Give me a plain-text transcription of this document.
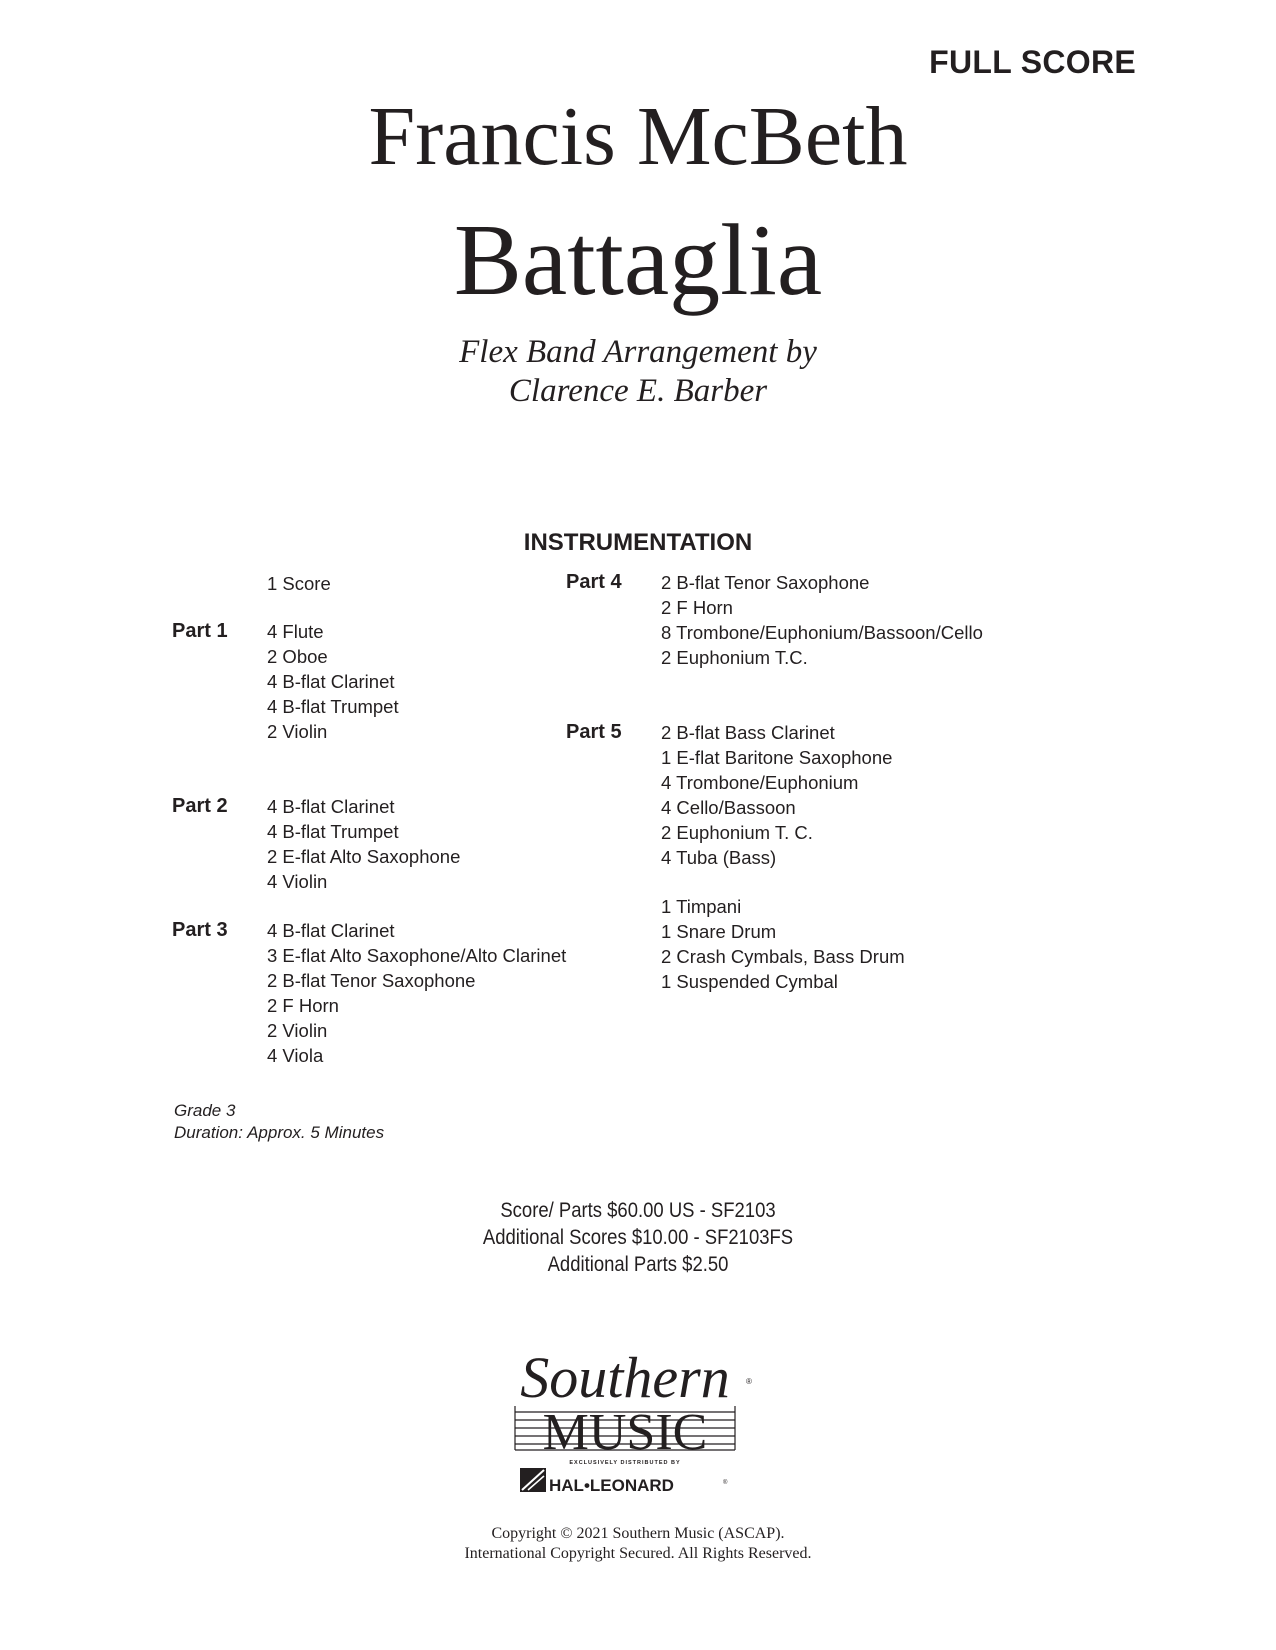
FULL SCORE
Francis McBeth
Battaglia
Flex Band Arrangement by
Clarence E. Barber
INSTRUMENTATION
1 Score
Part 1 4 Flute
2 Oboe
4 B-flat Clarinet
4 B-flat Trumpet
2 Violin
Part 2 4 B-flat Clarinet
4 B-flat Trumpet
2 E-flat Alto Saxophone
4 Violin
Part 3 4 B-flat Clarinet
3 E-flat Alto Saxophone/Alto Clarinet
2 B-flat Tenor Saxophone
2 F Horn
2 Violin
4 Viola
Part 4 2 B-flat Tenor Saxophone
2 F Horn
8 Trombone/Euphonium/Bassoon/Cello
2 Euphonium T.C.
Part 5 2 B-flat Bass Clarinet
1 E-flat Baritone Saxophone
4 Trombone/Euphonium
4 Cello/Bassoon
2 Euphonium T. C.
4 Tuba (Bass)
1 Timpani
1 Snare Drum
2 Crash Cymbals, Bass Drum
1 Suspended Cymbal
Grade 3
Duration: Approx. 5 Minutes
Score/ Parts $60.00 US - SF2103
Additional Scores $10.00 - SF2103FS
Additional Parts $2.50
Southern ®
MUSIC
EXCLUSIVELY DISTRIBUTED BY
HAL•LEONARD	®
Copyright © 2021 Southern Music (ASCAP).
International Copyright Secured. All Rights Reserved.
